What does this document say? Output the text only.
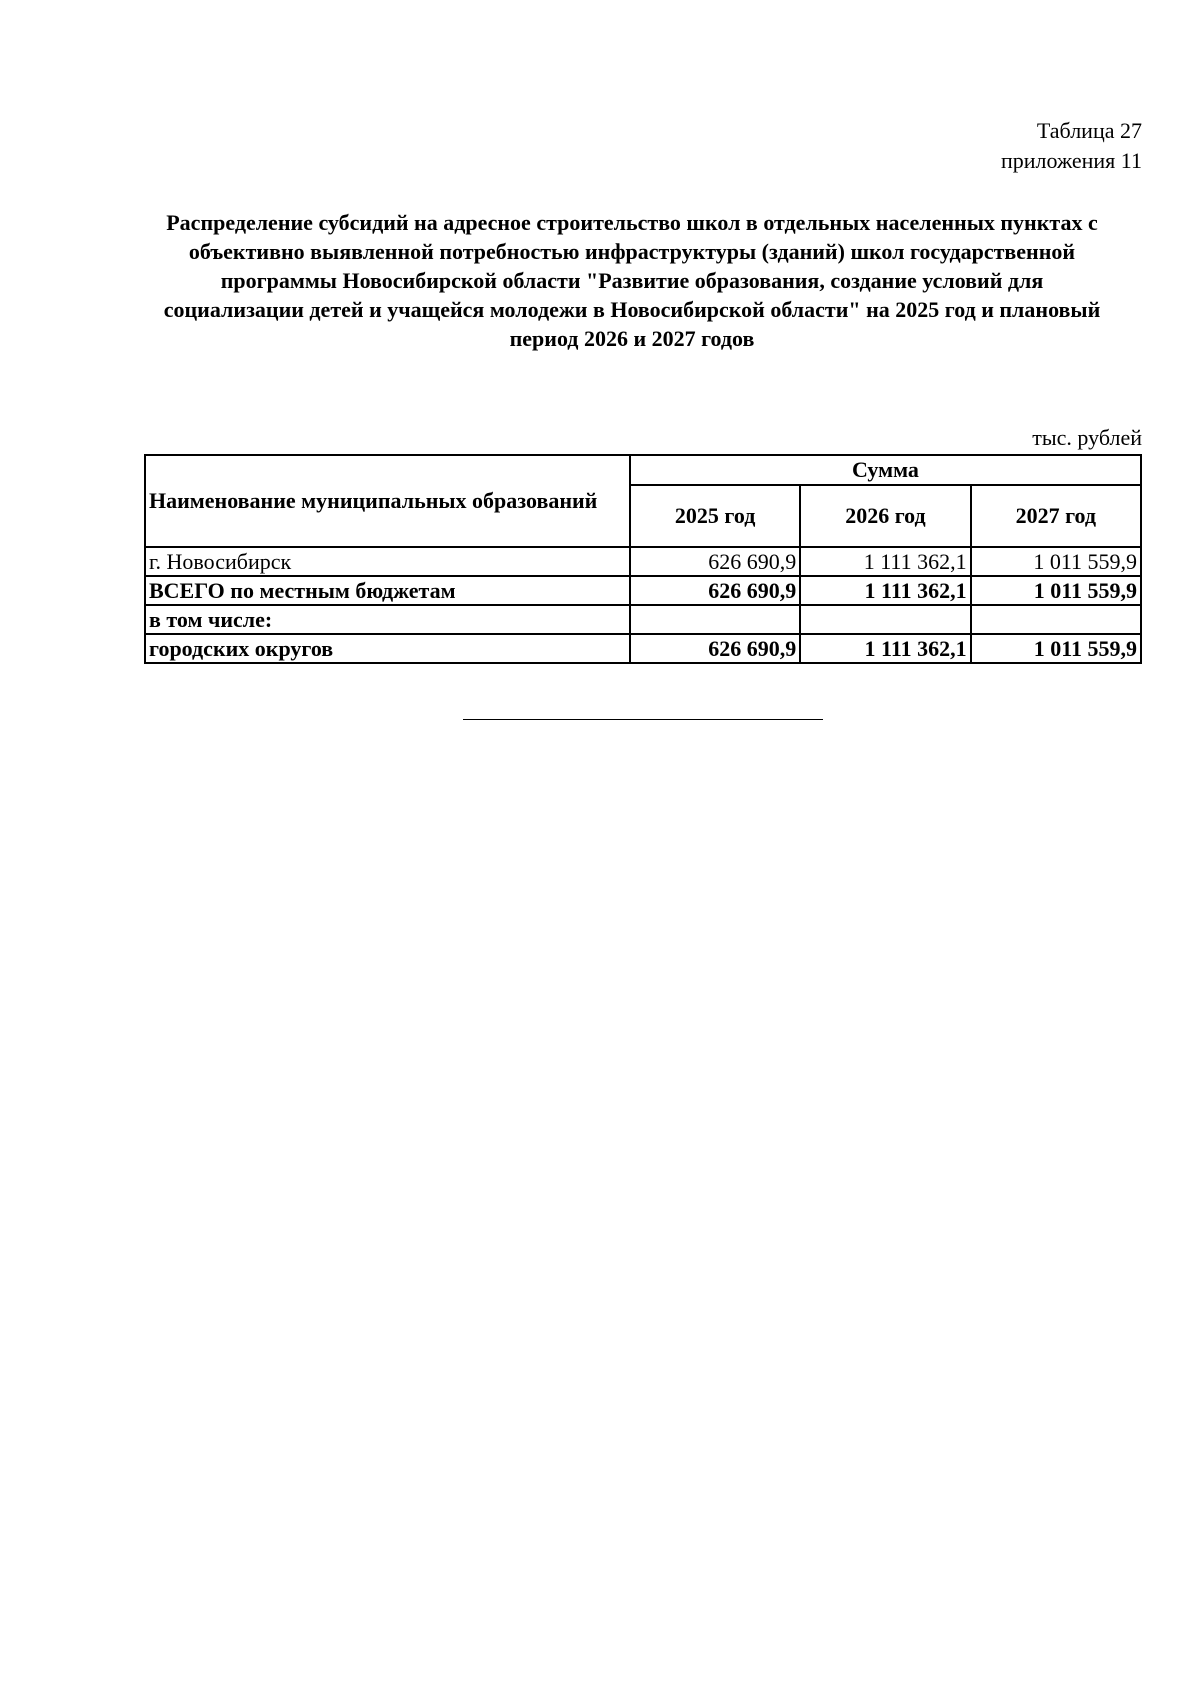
Таблица 27
приложения 11
Распределение субсидий на адресное строительство школ в отдельных населенных пунктах с
объективно выявленной потребностью инфраструктуры (зданий) школ государственной
программы Новосибирской области "Развитие образования, создание условий для
социализации детей и учащейся молодежи в Новосибирской области" на 2025 год и плановый
период 2026 и 2027 годов
тыс. рублей
Наименование муниципальных образований	Сумма		
	2025 год	2026 год	2027 год
г. Новосибирск	626 690,9	1 111 362,1	1 011 559,9
ВСЕГО по местным бюджетам	626 690,9	1 111 362,1	1 011 559,9
в том числе:			
городских округов	626 690,9	1 111 362,1	1 011 559,9
